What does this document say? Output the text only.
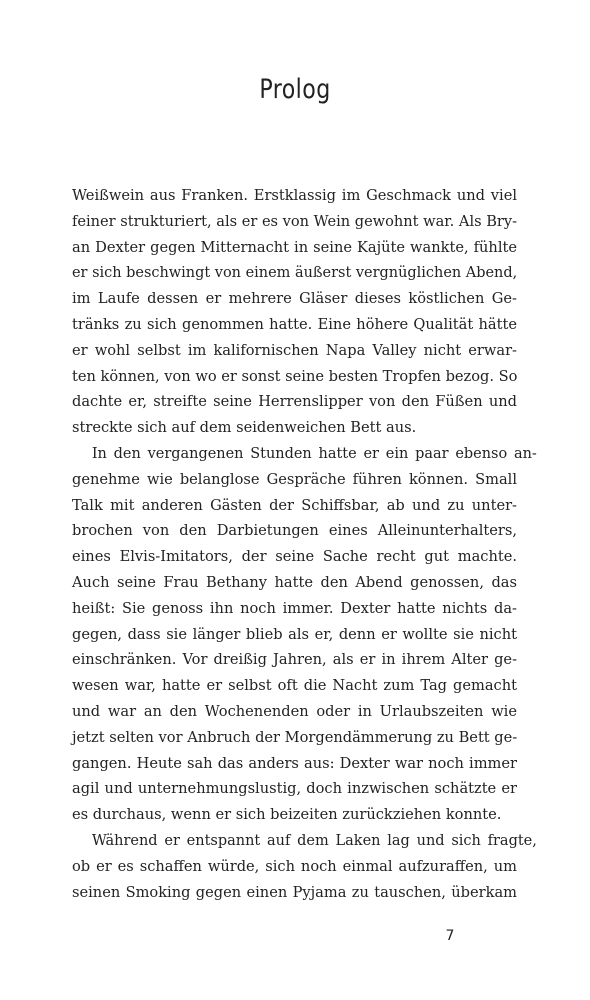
Prolog
Weißwein aus Franken. Erstklassig im Geschmack und viel
feiner strukturiert, als er es von Wein gewohnt war. Als Bry-
an Dexter gegen Mitternacht in seine Kajüte wankte, fühlte
er sich beschwingt von einem äußerst vergnüglichen Abend,
im Laufe dessen er mehrere Gläser dieses köstlichen Ge-
tränks zu sich genommen hatte. Eine höhere Qualität hätte
er wohl selbst im kalifornischen Napa Valley nicht erwar-
ten können, von wo er sonst seine besten Tropfen bezog. So
dachte er, streifte seine Herrenslipper von den Füßen und
streckte sich auf dem seidenweichen Bett aus.
In den vergangenen Stunden hatte er ein paar ebenso an-
genehme wie belanglose Gespräche führen können. Small
Talk mit anderen Gästen der Schiffsbar, ab und zu unter-
brochen von den Darbietungen eines Alleinunterhalters,
eines Elvis-Imitators, der seine Sache recht gut machte.
Auch seine Frau Bethany hatte den Abend genossen, das
heißt: Sie genoss ihn noch immer. Dexter hatte nichts da-
gegen, dass sie länger blieb als er, denn er wollte sie nicht
einschränken. Vor dreißig Jahren, als er in ihrem Alter ge-
wesen war, hatte er selbst oft die Nacht zum Tag gemacht
und war an den Wochenenden oder in Urlaubszeiten wie
jetzt selten vor Anbruch der Morgendämmerung zu Bett ge-
gangen. Heute sah das anders aus: Dexter war noch immer
agil und unternehmungslustig, doch inzwischen schätzte er
es durchaus, wenn er sich beizeiten zurückziehen konnte.
Während er entspannt auf dem Laken lag und sich fragte,
ob er es schaffen würde, sich noch einmal aufzuraffen, um
seinen Smoking gegen einen Pyjama zu tauschen, überkam
7
